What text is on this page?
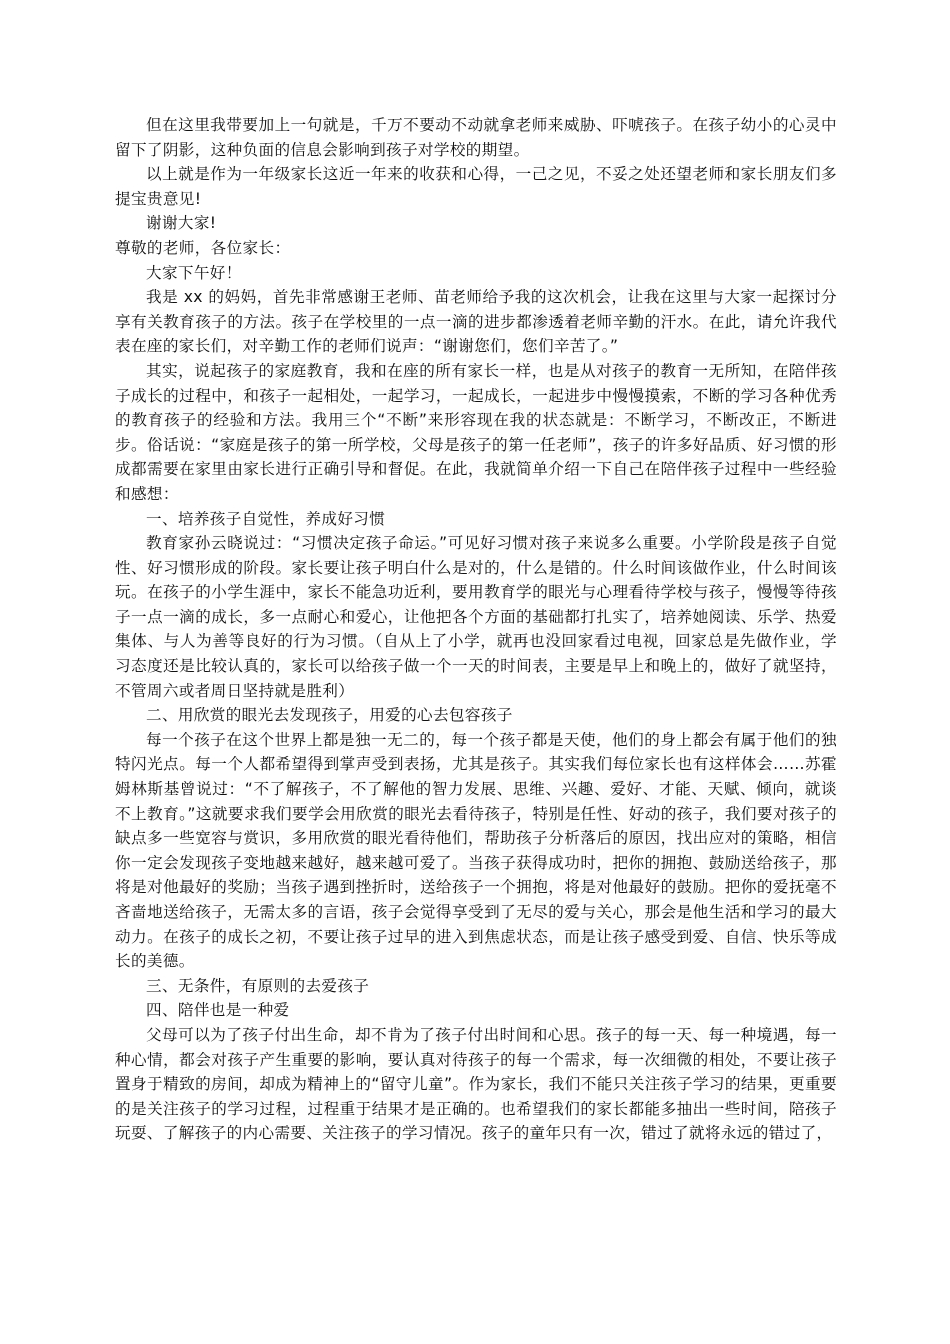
但在这里我带要加上一句就是，千万不要动不动就拿老师来威胁、吓唬孩子。在孩子幼小的心灵中留下了阴影，这种负面的信息会影响到孩子对学校的期望。

以上就是作为一年级家长这近一年来的收获和心得，一己之见，不妥之处还望老师和家长朋友们多提宝贵意见!

谢谢大家!

尊敬的老师，各位家长：

大家下午好！

我是 xx 的妈妈，首先非常感谢王老师、苗老师给予我的这次机会，让我在这里与大家一起探讨分享有关教育孩子的方法。孩子在学校里的一点一滴的进步都渗透着老师辛勤的汗水。在此，请允许我代表在座的家长们，对辛勤工作的老师们说声：“谢谢您们，您们辛苦了。”

其实，说起孩子的家庭教育，我和在座的所有家长一样，也是从对孩子的教育一无所知，在陪伴孩子成长的过程中，和孩子一起相处，一起学习，一起成长，一起进步中慢慢摸索，不断的学习各种优秀的教育孩子的经验和方法。我用三个“不断”来形容现在我的状态就是：不断学习，不断改正，不断进步。俗话说：“家庭是孩子的第一所学校，父母是孩子的第一任老师”，孩子的许多好品质、好习惯的形成都需要在家里由家长进行正确引导和督促。在此，我就简单介绍一下自己在陪伴孩子过程中一些经验和感想：

一、培养孩子自觉性，养成好习惯

教育家孙云晓说过：“习惯决定孩子命运。”可见好习惯对孩子来说多么重要。小学阶段是孩子自觉性、好习惯形成的阶段。家长要让孩子明白什么是对的，什么是错的。什么时间该做作业，什么时间该玩。在孩子的小学生涯中，家长不能急功近利，要用教育学的眼光与心理看待学校与孩子，慢慢等待孩子一点一滴的成长，多一点耐心和爱心，让他把各个方面的基础都打扎实了，培养她阅读、乐学、热爱集体、与人为善等良好的行为习惯。（自从上了小学，就再也没回家看过电视，回家总是先做作业，学习态度还是比较认真的，家长可以给孩子做一个一天的时间表，主要是早上和晚上的，做好了就坚持，不管周六或者周日坚持就是胜利）

二、用欣赏的眼光去发现孩子，用爱的心去包容孩子

每一个孩子在这个世界上都是独一无二的，每一个孩子都是天使，他们的身上都会有属于他们的独特闪光点。每一个人都希望得到掌声受到表扬，尤其是孩子。其实我们每位家长也有这样体会……苏霍姆林斯基曾说过：“不了解孩子，不了解他的智力发展、思维、兴趣、爱好、才能、天赋、倾向，就谈不上教育。”这就要求我们要学会用欣赏的眼光去看待孩子，特别是任性、好动的孩子，我们要对孩子的缺点多一些宽容与赏识，多用欣赏的眼光看待他们，帮助孩子分析落后的原因，找出应对的策略，相信你一定会发现孩子变地越来越好，越来越可爱了。当孩子获得成功时，把你的拥抱、鼓励送给孩子，那将是对他最好的奖励；当孩子遇到挫折时，送给孩子一个拥抱，将是对他最好的鼓励。把你的爱抚毫不吝啬地送给孩子，无需太多的言语，孩子会觉得享受到了无尽的爱与关心，那会是他生活和学习的最大动力。在孩子的成长之初，不要让孩子过早的进入到焦虑状态，而是让孩子感受到爱、自信、快乐等成长的美德。

三、无条件，有原则的去爱孩子

四、陪伴也是一种爱

父母可以为了孩子付出生命，却不肯为了孩子付出时间和心思。孩子的每一天、每一种境遇，每一种心情，都会对孩子产生重要的影响，要认真对待孩子的每一个需求，每一次细微的相处，不要让孩子置身于精致的房间，却成为精神上的“留守儿童”。作为家长，我们不能只关注孩子学习的结果，更重要的是关注孩子的学习过程，过程重于结果才是正确的。也希望我们的家长都能多抽出一些时间，陪孩子玩耍、了解孩子的内心需要、关注孩子的学习情况。孩子的童年只有一次，错过了就将永远的错过了，
